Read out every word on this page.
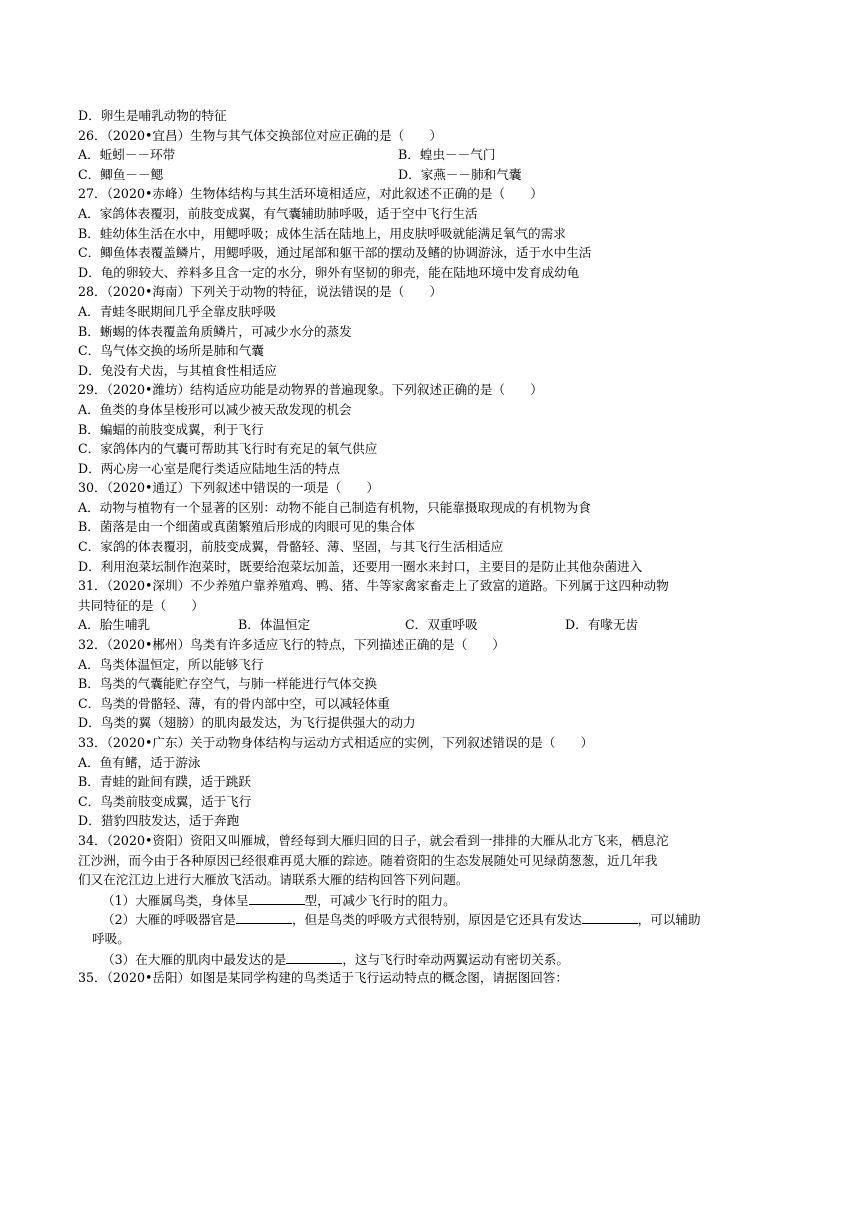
D．卵生是哺乳动物的特征
26．（2020•宜昌）生物与其气体交换部位对应正确的是（　　）
A．蚯蚓－－环带	B．蝗虫－－气门
C．鲫鱼－－鳃	D．家燕－－肺和气囊
27．（2020•赤峰）生物体结构与其生活环境相适应，对此叙述不正确的是（　　）
A．家鸽体表覆羽，前肢变成翼，有气囊辅助肺呼吸，适于空中飞行生活
B．蛙幼体生活在水中，用鳃呼吸；成体生活在陆地上，用皮肤呼吸就能满足氧气的需求
C．鲫鱼体表覆盖鳞片，用鳃呼吸，通过尾部和躯干部的摆动及鳍的协调游泳，适于水中生活
D．龟的卵较大、养料多且含一定的水分，卵外有坚韧的卵壳，能在陆地环境中发育成幼龟
28．（2020•海南）下列关于动物的特征，说法错误的是（　　）
A．青蛙冬眠期间几乎全靠皮肤呼吸
B．蜥蜴的体表覆盖角质鳞片，可减少水分的蒸发
C．鸟气体交换的场所是肺和气囊
D．兔没有犬齿，与其植食性相适应
29．（2020•潍坊）结构适应功能是动物界的普遍现象。下列叙述正确的是（　　）
A．鱼类的身体呈梭形可以减少被天敌发现的机会
B．蝙蝠的前肢变成翼，利于飞行
C．家鸽体内的气囊可帮助其飞行时有充足的氧气供应
D．两心房一心室是爬行类适应陆地生活的特点
30．（2020•通辽）下列叙述中错误的一项是（　　）
A．动物与植物有一个显著的区别：动物不能自己制造有机物，只能靠摄取现成的有机物为食
B．菌落是由一个细菌或真菌繁殖后形成的肉眼可见的集合体
C．家鸽的体表覆羽，前肢变成翼，骨骼轻、薄、坚固，与其飞行生活相适应
D．利用泡菜坛制作泡菜时，既要给泡菜坛加盖，还要用一圈水来封口，主要目的是防止其他杂菌进入
31．（2020•深圳）不少养殖户靠养殖鸡、鸭、猪、牛等家禽家畜走上了致富的道路。下列属于这四种动物
共同特征的是（　　）
A．胎生哺乳	B．体温恒定	C．双重呼吸	D．有喙无齿
32．（2020•郴州）鸟类有许多适应飞行的特点，下列描述正确的是（　　）
A．鸟类体温恒定，所以能够飞行
B．鸟类的气囊能贮存空气，与肺一样能进行气体交换
C．鸟类的骨骼轻、薄，有的骨内部中空，可以减轻体重
D．鸟类的翼（翅膀）的肌肉最发达，为飞行提供强大的动力
33．（2020•广东）关于动物身体结构与运动方式相适应的实例，下列叙述错误的是（　　）
A．鱼有鳍，适于游泳
B．青蛙的趾间有蹼，适于跳跃
C．鸟类前肢变成翼，适于飞行
D．猎豹四肢发达，适于奔跑
34．（2020•资阳）资阳又叫雁城，曾经每到大雁归回的日子，就会看到一排排的大雁从北方飞来，栖息沱
江沙洲，而今由于各种原因已经很难再觅大雁的踪迹。随着资阳的生态发展随处可见绿荫葱葱，近几年我
们又在沱江边上进行大雁放飞活动。请联系大雁的结构回答下列问题。
（1）大雁属鸟类，身体呈	型，可减少飞行时的阻力。
（2）大雁的呼吸器官是	，但是鸟类的呼吸方式很特别，原因是它还具有发达	，可以辅助
呼吸。
（3）在大雁的肌肉中最发达的是	，这与飞行时牵动两翼运动有密切关系。
35．（2020•岳阳）如图是某同学构建的鸟类适于飞行运动特点的概念图，请据图回答：
